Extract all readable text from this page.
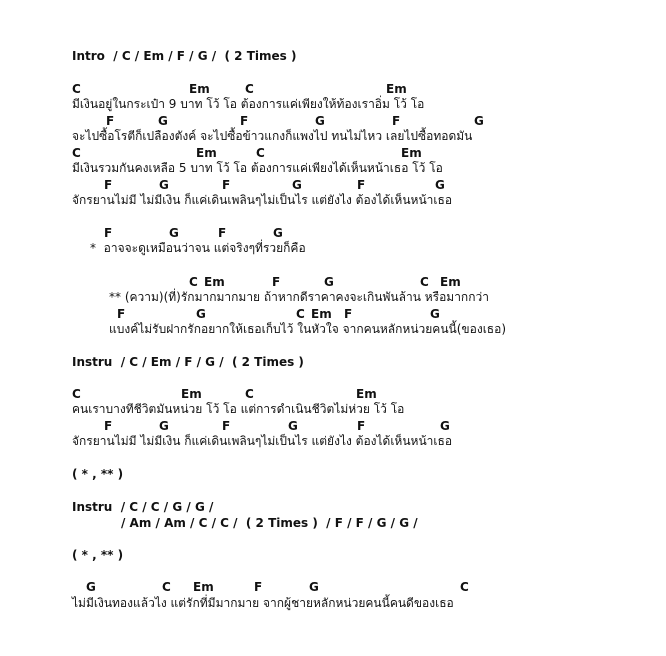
Intro  / C / Em / F / G /  ( 2 Times )
C	Em	C	Em
มีเงินอยู่ในกระเป๋า 9 บาท โว้ โอ ต้องการแค่เพียงให้ท้องเราอิ่ม โว้ โอ
F	G	F	G	F	G
จะไปซื้อโรตีก็เปลืองตังค์ จะไปซื้อข้าวแกงก็แพงไป ทนไม่ไหว เลยไปซื้อทอดมัน
C	Em	C	Em
มีเงินรวมกันคงเหลือ 5 บาท โว้ โอ ต้องการแค่เพียงได้เห็นหน้าเธอ โว้ โอ
F	G	F	G	F	G
จักรยานไม่มี ไม่มีเงิน ก็แค่เดินเพลินๆไม่เป็นไร แต่ยังไง ต้องได้เห็นหน้าเธอ
F	G	F	G
*  อาจจะดูเหมือนว่าจน แต่จริงๆที่รวยก็คือ
C Em	F	G	C Em
** (ความ)(ที่)รักมากมากมาย ถ้าหากดีราคาคงจะเกินพันล้าน หรือมากกว่า
F	G	C Em F	G
แบงค์ไม่รับฝากรักอยากให้เธอเก็บไว้ ในหัวใจ จากคนหลักหน่วยคนนี้(ของเธอ)
Instru  / C / Em / F / G /  ( 2 Times )
C	Em	C	Em
คนเราบางทีชีวิตมันหน่วย โว้ โอ แต่การดำเนินชีวิตไม่ห่วย โว้ โอ
F	G	F	G	F	G
จักรยานไม่มี ไม่มีเงิน ก็แค่เดินเพลินๆไม่เป็นไร แต่ยังไง ต้องได้เห็นหน้าเธอ
( * , ** )
Instru  / C / C / G / G /
/ Am / Am / C / C /  ( 2 Times )  / F / F / G / G /
( * , ** )
G	C Em	F	G	C
ไม่มีเงินทองแล้วไง แต่รักที่มีมากมาย จากผู้ชายหลักหน่วยคนนี้คนดีของเธอ
